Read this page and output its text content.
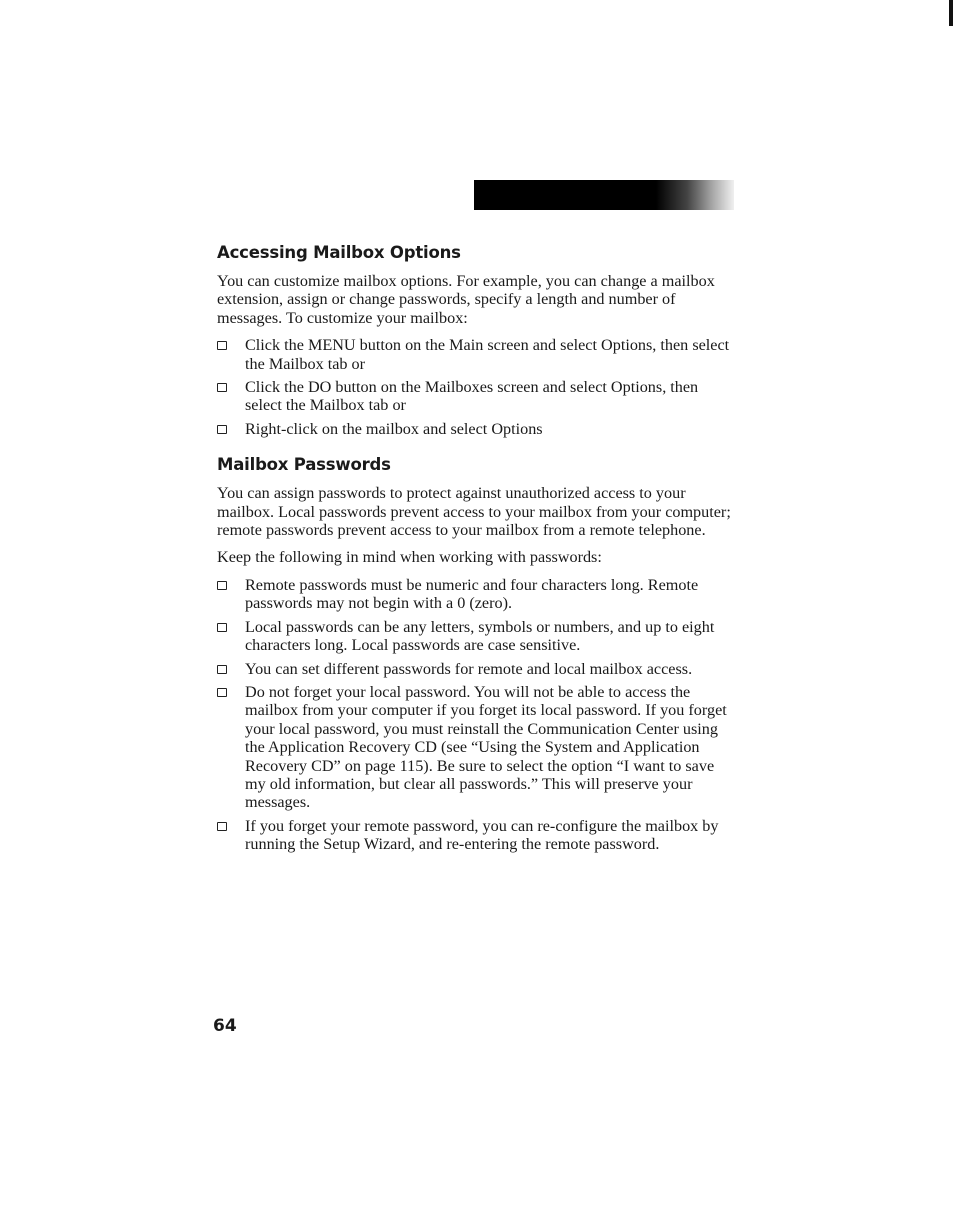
Accessing Mailbox Options

You can customize mailbox options. For example, you can change a mailbox extension, assign or change passwords, specify a length and number of messages. To customize your mailbox:

Click the MENU button on the Main screen and select Options, then select the Mailbox tab or
Click the DO button on the Mailboxes screen and select Options, then select the Mailbox tab or
Right-click on the mailbox and select Options
Mailbox Passwords

You can assign passwords to protect against unauthorized access to your mailbox. Local passwords prevent access to your mailbox from your computer; remote passwords prevent access to your mailbox from a remote telephone.

Keep the following in mind when working with passwords:

Remote passwords must be numeric and four characters long. Remote passwords may not begin with a 0 (zero).
Local passwords can be any letters, symbols or numbers, and up to eight characters long. Local passwords are case sensitive.
You can set different passwords for remote and local mailbox access.
Do not forget your local password. You will not be able to access the mailbox from your computer if you forget its local password. If you forget your local password, you must reinstall the Communication Center using the Application Recovery CD (see “Using the System and Application Recovery CD” on page 115). Be sure to select the option “I want to save my old information, but clear all passwords.” This will preserve your messages.
If you forget your remote password, you can re-configure the mailbox by running the Setup Wizard, and re-entering the remote password.
64
